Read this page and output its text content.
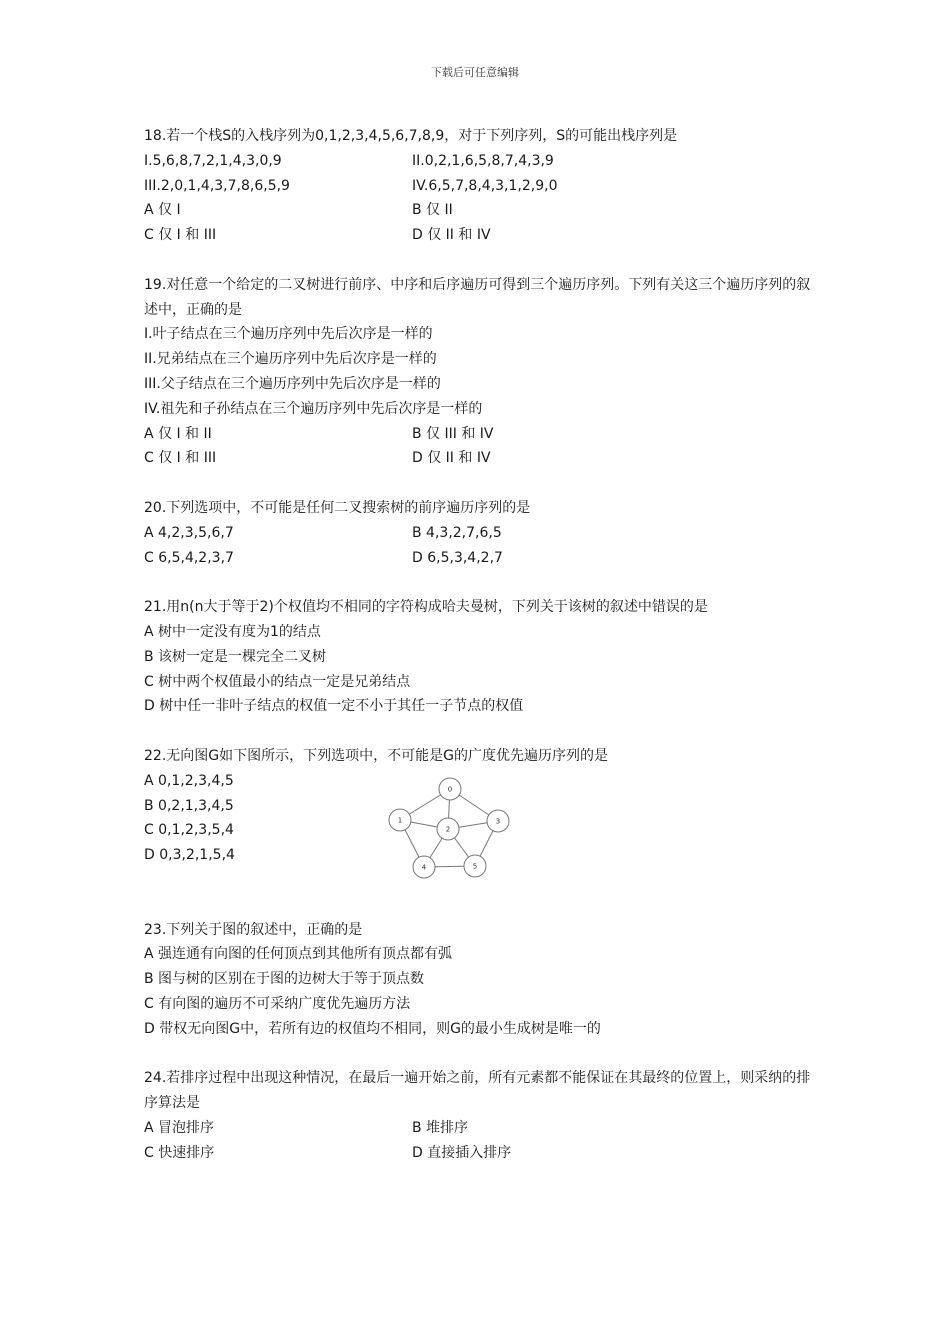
下载后可任意编辑
18.若一个栈S的入栈序列为0,1,2,3,4,5,6,7,8,9，对于下列序列，S的可能出栈序列是
I.5,6,8,7,2,1,4,3,0,9	II.0,2,1,6,5,8,7,4,3,9
III.2,0,1,4,3,7,8,6,5,9	IV.6,5,7,8,4,3,1,2,9,0
A 仅 I	B 仅 II
C 仅 I 和 III	D 仅 II 和 IV
19.对任意一个给定的二叉树进行前序、中序和后序遍历可得到三个遍历序列。下列有关这三个遍历序列的叙述中，正确的是
I.叶子结点在三个遍历序列中先后次序是一样的
II.兄弟结点在三个遍历序列中先后次序是一样的
III.父子结点在三个遍历序列中先后次序是一样的
IV.祖先和子孙结点在三个遍历序列中先后次序是一样的
A 仅 I 和 II	B 仅 III 和 IV
C 仅 I 和 III	D 仅 II 和 IV
20.下列选项中，不可能是任何二叉搜索树的前序遍历序列的是
A 4,2,3,5,6,7	B 4,3,2,7,6,5
C 6,5,4,2,3,7	D 6,5,3,4,2,7
21.用n(n大于等于2)个权值均不相同的字符构成哈夫曼树，下列关于该树的叙述中错误的是
A 树中一定没有度为1的结点
B 该树一定是一棵完全二叉树
C 树中两个权值最小的结点一定是兄弟结点
D 树中任一非叶子结点的权值一定不小于其任一子节点的权值
22.无向图G如下图所示，下列选项中，不可能是G的广度优先遍历序列的是
A 0,1,2,3,4,5
B 0,2,1,3,4,5
C 0,1,2,3,5,4
D 0,3,2,1,5,4
0
1
2
3
4	5
23.下列关于图的叙述中，正确的是
A 强连通有向图的任何顶点到其他所有顶点都有弧
B 图与树的区别在于图的边树大于等于顶点数
C 有向图的遍历不可采纳广度优先遍历方法
D 带权无向图G中，若所有边的权值均不相同，则G的最小生成树是唯一的
24.若排序过程中出现这种情况，在最后一遍开始之前，所有元素都不能保证在其最终的位置上，则采纳的排序算法是
A 冒泡排序	B 堆排序
C 快速排序	D 直接插入排序
